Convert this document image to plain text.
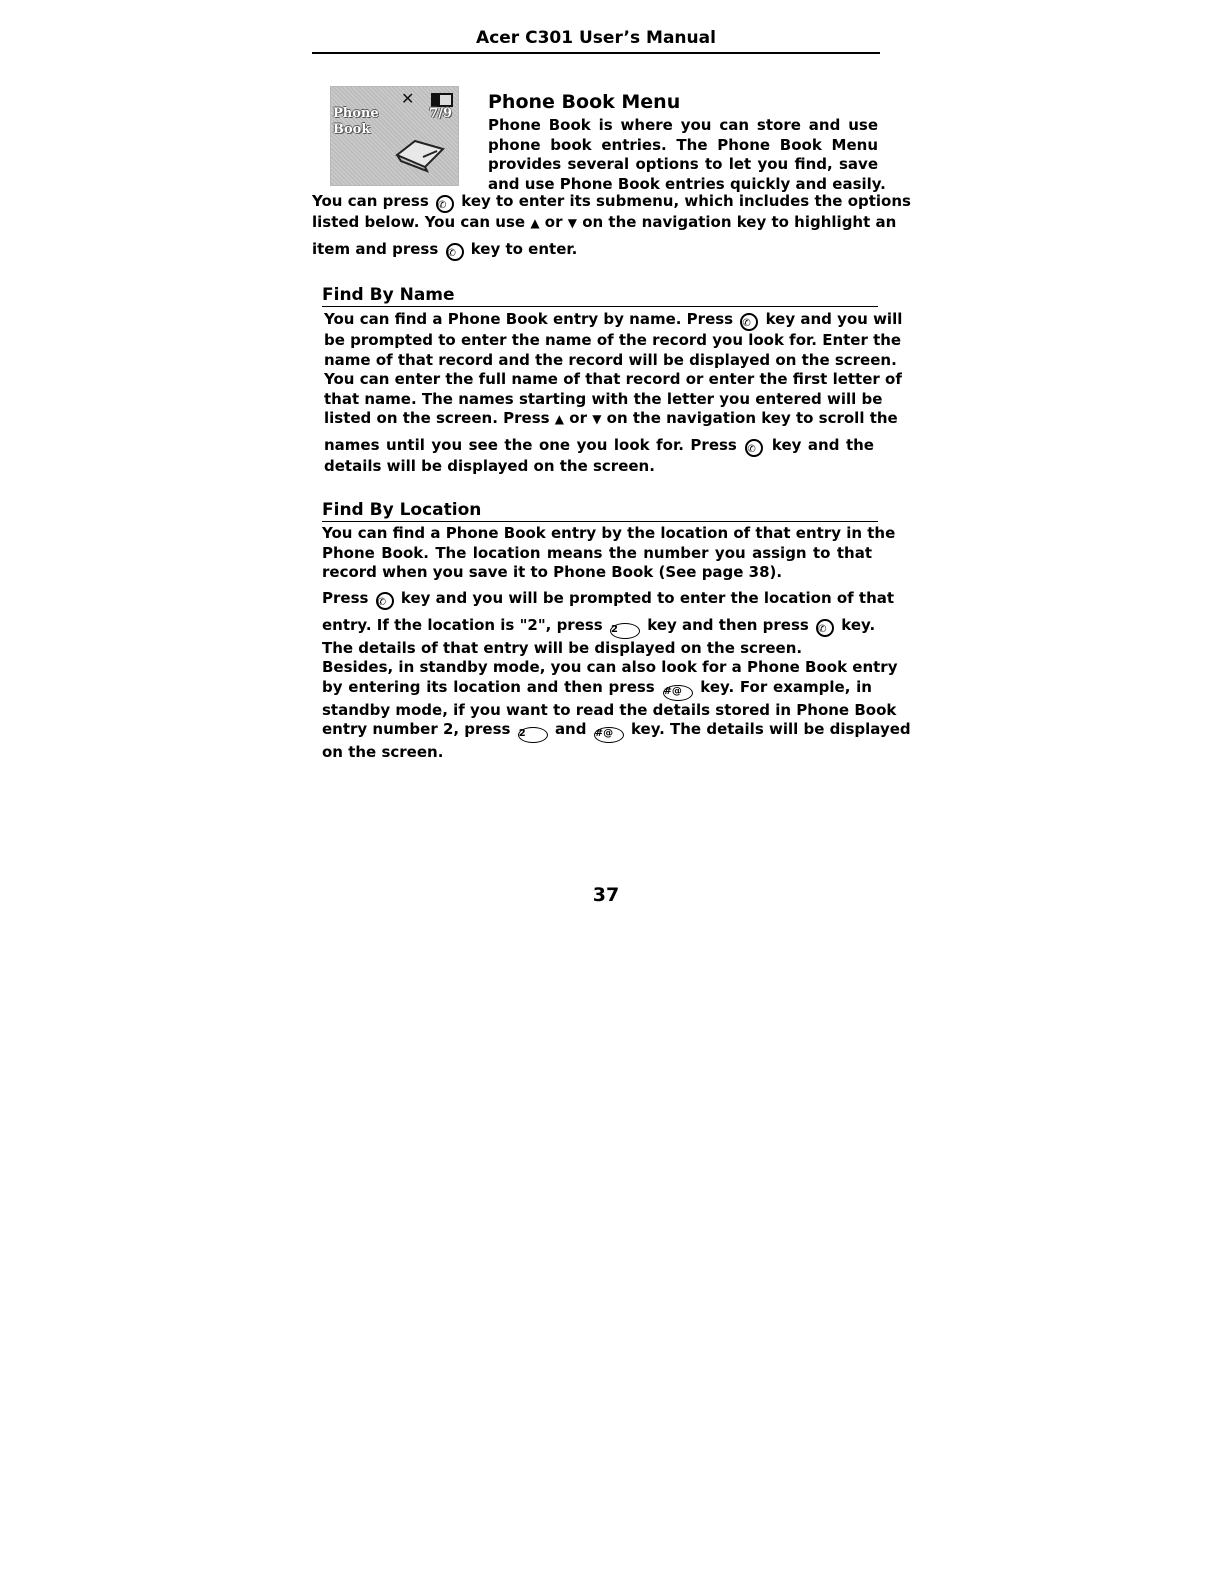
Acer C301 User’s Manual
✕
Phone
Book
7/9
Phone Book Menu
Phone Book is where you can store and use
phone book entries. The Phone Book Menu
provides several options to let you find, save
and use Phone Book entries quickly and easily.
You can press ✆ key to enter its submenu, which includes the options
listed below. You can use ▲ or ▼ on the navigation key to highlight an
item and press ✆ key to enter.
Find By Name
You can find a Phone Book entry by name. Press ✆ key and you will
be prompted to enter the name of the record you look for. Enter the
name of that record and the record will be displayed on the screen.
You can enter the full name of that record or enter the first letter of
that name. The names starting with the letter you entered will be
listed on the screen. Press ▲ or ▼ on the navigation key to scroll the
names until you see the one you look for. Press ✆ key and the
details will be displayed on the screen.
Find By Location
You can find a Phone Book entry by the location of that entry in the
Phone Book. The location means the number you assign to that
record when you save it to Phone Book (See page 38).
Press ✆ key and you will be prompted to enter the location of that
entry. If the location is "2", press 2 key and then press ✆ key.
The details of that entry will be displayed on the screen.
Besides, in standby mode, you can also look for a Phone Book entry
by entering its location and then press #@ key. For example, in
standby mode, if you want to read the details stored in Phone Book
entry number 2, press 2 and #@ key. The details will be displayed
on the screen.
37
